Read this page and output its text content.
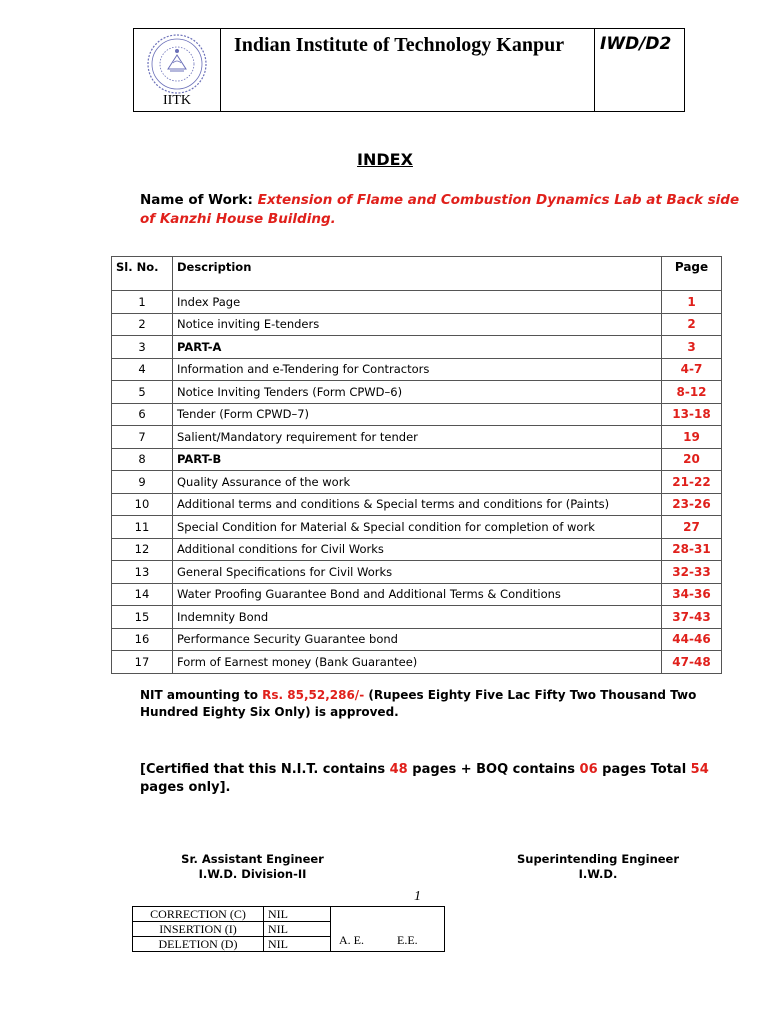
IITK
Indian Institute of Technology Kanpur IWD/D2
INDEX
Name of Work: Extension of Flame and Combustion Dynamics Lab at Back side of Kanzhi House Building.
Sl. No.	Description	Page
1	Index Page	1
2	Notice inviting E-tenders	2
3	PART-A	3
4	Information and e-Tendering for Contractors	4-7
5	Notice Inviting Tenders (Form CPWD–6)	8-12
6	Tender (Form CPWD–7)	13-18
7	Salient/Mandatory requirement for tender	19
8	PART-B	20
9	Quality Assurance of the work	21-22
10	Additional terms and conditions & Special terms and conditions for (Paints)	23-26
11	Special Condition for Material & Special condition for completion of work	27
12	Additional conditions for Civil Works	28-31
13	General Specifications for Civil Works	32-33
14	Water Proofing Guarantee Bond and Additional Terms & Conditions	34-36
15	Indemnity Bond	37-43
16	Performance Security Guarantee bond	44-46
17	Form of Earnest money (Bank Guarantee)	47-48
NIT amounting to Rs. 85,52,286/- (Rupees Eighty Five Lac Fifty Two Thousand Two Hundred Eighty Six Only) is approved.
[Certified that this N.I.T. contains 48 pages + BOQ contains 06 pages Total 54 pages only].
Sr. Assistant Engineer
I.W.D. Division-II
Superintending Engineer
I.W.D.
1
CORRECTION (C)	NIL	A. E. E.E.
INSERTION (I)	NIL	
DELETION (D)	NIL	
